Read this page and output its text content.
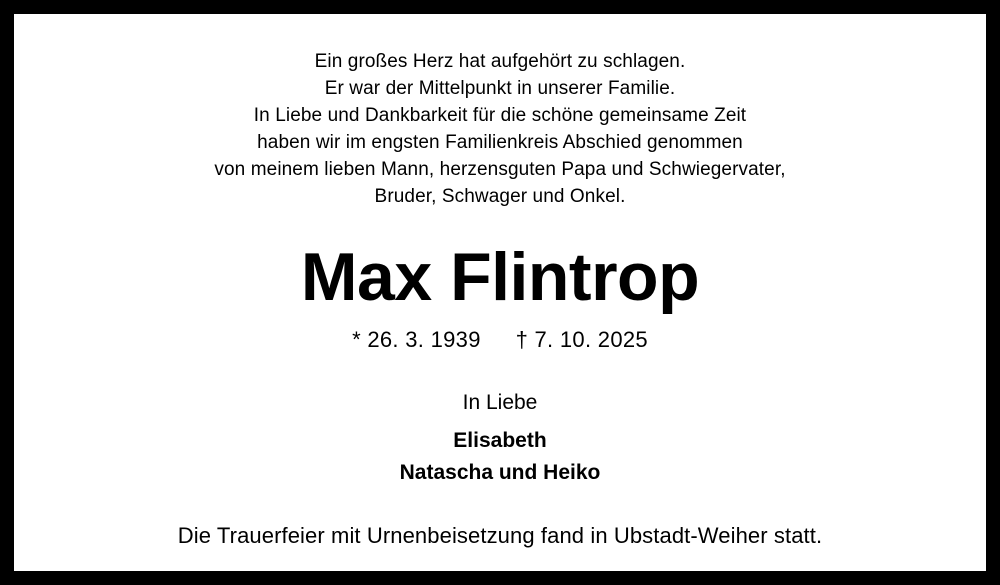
Ein großes Herz hat aufgehört zu schlagen.
Er war der Mittelpunkt in unserer Familie.
In Liebe und Dankbarkeit für die schöne gemeinsame Zeit
haben wir im engsten Familienkreis Abschied genommen
von meinem lieben Mann, herzensguten Papa und Schwiegervater,
Bruder, Schwager und Onkel.
Max Flintrop
* 26. 3. 1939 † 7. 10. 2025
In Liebe
Elisabeth
Natascha und Heiko
Die Trauerfeier mit Urnenbeisetzung fand in Ubstadt-Weiher statt.
